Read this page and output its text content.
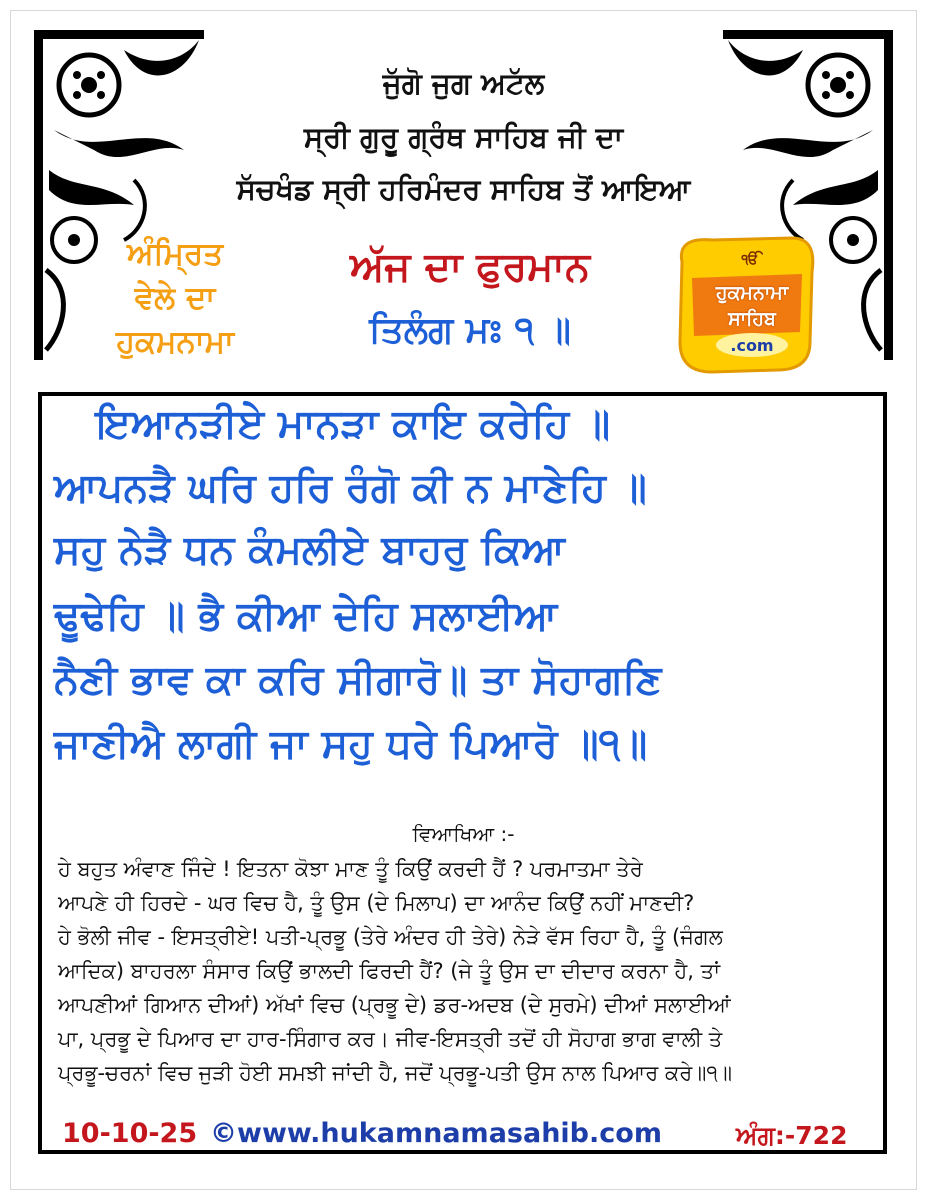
ਜੁੱਗੋ ਜੁਗ ਅਟੱਲ
ਸ੍ਰੀ ਗੁਰੂ ਗ੍ਰੰਥ ਸਾਹਿਬ ਜੀ ਦਾ
ਸੱਚਖੰਡ ਸ੍ਰੀ ਹਰਿਮੰਦਰ ਸਾਹਿਬ ਤੋਂ ਆਇਆ
ਅੰਮ੍ਰਿਤ
ਵੇਲੇ ਦਾ
ਹੁਕਮਨਾਮਾ
ਅੱਜ ਦਾ ਫੁਰਮਾਨ
ਤਿਲੰਗ ਮਃ ੧ ॥
ੴ
ਹੁਕਮਨਾਮਾ
ਸਾਹਿਬ
.com
ਇਆਨੜੀਏ ਮਾਨੜਾ ਕਾਇ ਕਰੇਹਿ ॥
ਆਪਨੜੈ ਘਰਿ ਹਰਿ ਰੰਗੋ ਕੀ ਨ ਮਾਣੇਹਿ ॥
ਸਹੁ ਨੇੜੈ ਧਨ ਕੰਮਲੀਏ ਬਾਹਰੁ ਕਿਆ
ਢੂਢੇਹਿ ॥ ਭੈ ਕੀਆ ਦੇਹਿ ਸਲਾਈਆ
ਨੈਣੀ ਭਾਵ ਕਾ ਕਰਿ ਸੀਗਾਰੋ॥ ਤਾ ਸੋਹਾਗਣਿ
ਜਾਣੀਐ ਲਾਗੀ ਜਾ ਸਹੁ ਧਰੇ ਪਿਆਰੋ ॥੧॥
ਵਿਆਖਿਆ :-
ਹੇ ਬਹੁਤ ਅੰਵਾਣ ਜਿੰਦੇ ! ਇਤਨਾ ਕੋਝਾ ਮਾਣ ਤੂੰ ਕਿਉਂ ਕਰਦੀ ਹੈਂ ? ਪਰਮਾਤਮਾ ਤੇਰੇ
ਆਪਣੇ ਹੀ ਹਿਰਦੇ - ਘਰ ਵਿਚ ਹੈ, ਤੂੰ ਉਸ (ਦੇ ਮਿਲਾਪ) ਦਾ ਆਨੰਦ ਕਿਉਂ ਨਹੀਂ ਮਾਣਦੀ?
ਹੇ ਭੋਲੀ ਜੀਵ - ਇਸਤ੍ਰੀਏ! ਪਤੀ-ਪ੍ਰਭੂ (ਤੇਰੇ ਅੰਦਰ ਹੀ ਤੇਰੇ) ਨੇੜੇ ਵੱਸ ਰਿਹਾ ਹੈ, ਤੂੰ (ਜੰਗਲ
ਆਦਿਕ) ਬਾਹਰਲਾ ਸੰਸਾਰ ਕਿਉਂ ਭਾਲਦੀ ਫਿਰਦੀ ਹੈਂ? (ਜੇ ਤੂੰ ਉਸ ਦਾ ਦੀਦਾਰ ਕਰਨਾ ਹੈ, ਤਾਂ
ਆਪਣੀਆਂ ਗਿਆਨ ਦੀਆਂ) ਅੱਖਾਂ ਵਿਚ (ਪ੍ਰਭੂ ਦੇ) ਡਰ-ਅਦਬ (ਦੇ ਸੁਰਮੇ) ਦੀਆਂ ਸਲਾਈਆਂ
ਪਾ, ਪ੍ਰਭੂ ਦੇ ਪਿਆਰ ਦਾ ਹਾਰ-ਸਿੰਗਾਰ ਕਰ। ਜੀਵ-ਇਸਤ੍ਰੀ ਤਦੋਂ ਹੀ ਸੋਹਾਗ ਭਾਗ ਵਾਲੀ ਤੇ
ਪ੍ਰਭੂ-ਚਰਨਾਂ ਵਿਚ ਜੁੜੀ ਹੋਈ ਸਮਝੀ ਜਾਂਦੀ ਹੈ, ਜਦੋਂ ਪ੍ਰਭੂ-ਪਤੀ ਉਸ ਨਾਲ ਪਿਆਰ ਕਰੇ॥੧॥
10-10-25 ©www.hukamnamasahib.com	ਅੰਗ:-722
